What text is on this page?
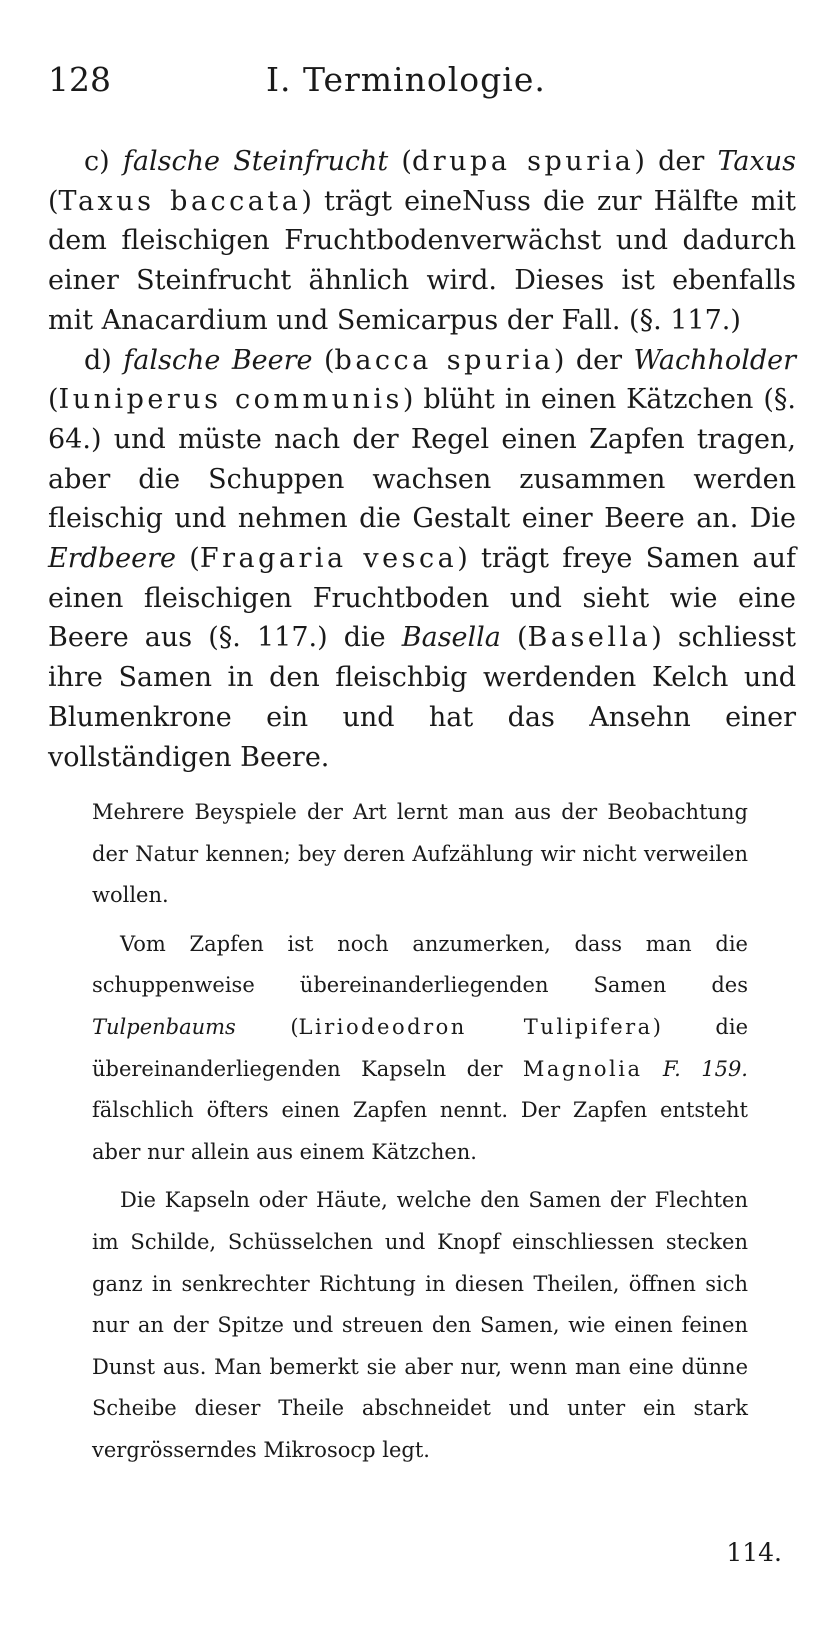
128	I. Terminologie.

c) falsche Steinfrucht (drupa spuria) der Taxus (Taxus baccata) trägt eineNuss die zur Hälfte mit dem fleischigen Fruchtbodenverwächst und dadurch einer Steinfrucht ähnlich wird. Dieses ist ebenfalls mit Anacardium und Semicarpus der Fall. (§. 117.)

d) falsche Beere (bacca spuria) der Wachholder (Iuniperus communis) blüht in einen Kätzchen (§. 64.) und müste nach der Regel einen Zapfen tragen, aber die Schuppen wachsen zusammen werden fleischig und nehmen die Gestalt einer Beere an. Die Erdbeere (Fragaria vesca) trägt freye Samen auf einen fleischigen Fruchtboden und sieht wie eine Beere aus (§. 117.) die Basella (Basella) schliesst ihre Samen in den fleischbig werdenden Kelch und Blumenkrone ein und hat das Ansehn einer vollständigen Beere.

Mehrere Beyspiele der Art lernt man aus der Beobachtung der Natur kennen; bey deren Aufzählung wir nicht verweilen wollen.

Vom Zapfen ist noch anzumerken, dass man die schuppenweise übereinanderliegenden Samen des Tulpenbaums (Liriodeodron Tulipifera) die übereinanderliegenden Kapseln der Magnolia F. 159. fälschlich öfters einen Zapfen nennt. Der Zapfen entsteht aber nur allein aus einem Kätzchen.

Die Kapseln oder Häute, welche den Samen der Flechten im Schilde, Schüsselchen und Knopf einschliessen stecken ganz in senkrechter Richtung in diesen Theilen, öffnen sich nur an der Spitze und streuen den Samen, wie einen feinen Dunst aus. Man bemerkt sie aber nur, wenn man eine dünne Scheibe dieser Theile abschneidet und unter ein stark vergrösserndes Mikrosocp legt.

114.
